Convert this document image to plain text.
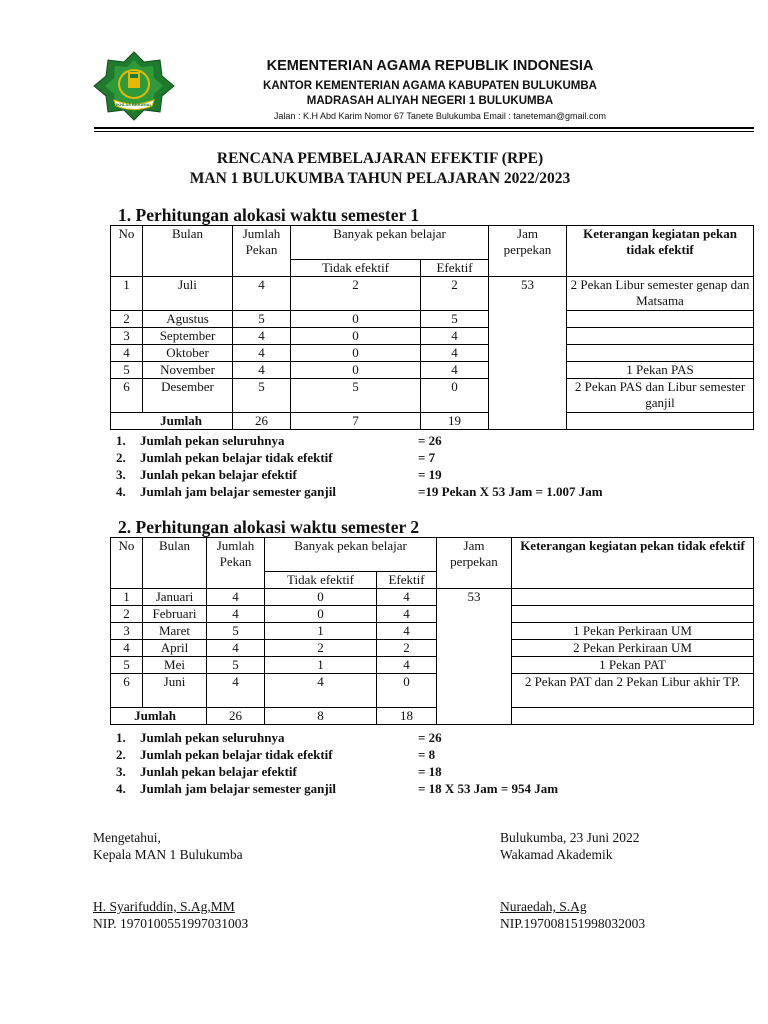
IKHLAS BERAMAL
KEMENTERIAN AGAMA REPUBLIK INDONESIA
KANTOR KEMENTERIAN AGAMA KABUPATEN BULUKUMBA
MADRASAH ALIYAH NEGERI 1 BULUKUMBA
Jalan : K.H Abd Karim Nomor 67 Tanete Bulukumba Email : taneteman@gmail.com
RENCANA PEMBELAJARAN EFEKTIF (RPE)
MAN 1 BULUKUMBA TAHUN PELAJARAN 2022/2023
1. Perhitungan alokasi waktu semester 1
No	Bulan	Jumlah Pekan	Banyak pekan belajar		Jam perpekan	Keterangan kegiatan pekan tidak efektif
			Tidak efektif	Efektif		
1	Juli	4	2	2	53	2 Pekan Libur semester genap dan Matsama
2	Agustus	5	0	5		
3	September	4	0	4		
4	Oktober	4	0	4		
5	November	4	0	4		1 Pekan PAS
6	Desember	5	5	0		2 Pekan PAS dan Libur semester ganjil
Jumlah		26	7	19		
1.	Jumlah pekan seluruhnya	= 26
2.	Jumlah pekan belajar tidak efektif	= 7
3.	Junlah pekan belajar efektif	= 19
4.	Jumlah jam belajar semester ganjil	=19 Pekan X 53 Jam = 1.007 Jam
2. Perhitungan alokasi waktu semester 2
No	Bulan	Jumlah Pekan	Banyak pekan belajar		Jam perpekan	Keterangan kegiatan pekan tidak efektif
			Tidak efektif	Efektif		
1	Januari	4	0	4	53	
2	Februari	4	0	4		
3	Maret	5	1	4		1 Pekan Perkiraan UM
4	April	4	2	2		2 Pekan Perkiraan UM
5	Mei	5	1	4		1 Pekan PAT
6	Juni	4	4	0		2 Pekan PAT dan 2 Pekan Libur akhir TP.
Jumlah		26	8	18		
1.	Jumlah pekan seluruhnya	= 26
2.	Jumlah pekan belajar tidak efektif	= 8
3.	Junlah pekan belajar efektif	= 18
4.	Jumlah jam belajar semester ganjil	= 18 X 53 Jam = 954 Jam
Mengetahui,
Kepala MAN 1 Bulukumba
H. Syarifuddin, S.Ag,MM
NIP. 197010055199703100З
Bulukumba, 23 Juni 2022
Wakamad Akademik
Nuraedah, S.Ag
NIP.197008151998032003
